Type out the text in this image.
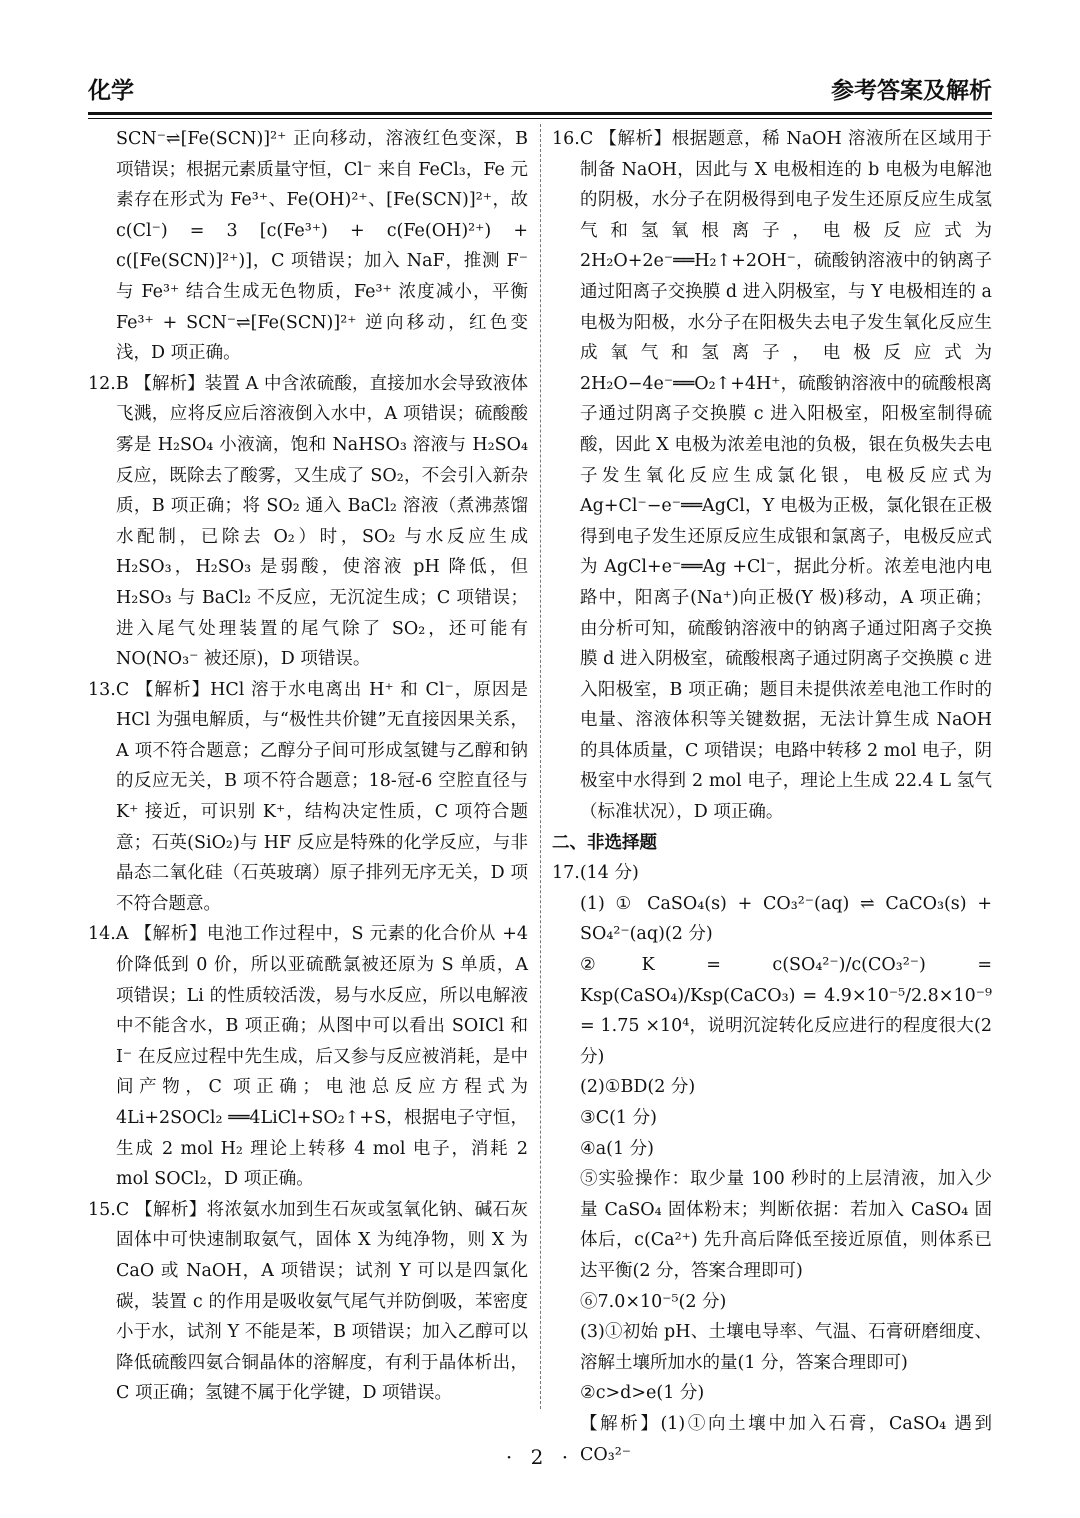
化学	参考答案及解析

SCN⁻⇌[Fe(SCN)]²⁺ 正向移动，溶液红色变深，B 项错误；根据元素质量守恒，Cl⁻ 来自 FeCl₃，Fe 元素存在形式为 Fe³⁺、Fe(OH)²⁺、[Fe(SCN)]²⁺，故 c(Cl⁻) = 3 [c(Fe³⁺) + c(Fe(OH)²⁺) + c([Fe(SCN)]²⁺)]，C 项错误；加入 NaF，推测 F⁻ 与 Fe³⁺ 结合生成无色物质，Fe³⁺ 浓度减小，平衡 Fe³⁺ + SCN⁻⇌[Fe(SCN)]²⁺ 逆向移动，红色变浅，D 项正确。

12.B 【解析】装置 A 中含浓硫酸，直接加水会导致液体飞溅，应将反应后溶液倒入水中，A 项错误；硫酸酸雾是 H₂SO₄ 小液滴，饱和 NaHSO₃ 溶液与 H₂SO₄ 反应，既除去了酸雾，又生成了 SO₂，不会引入新杂质，B 项正确；将 SO₂ 通入 BaCl₂ 溶液（煮沸蒸馏水配制，已除去 O₂）时，SO₂ 与水反应生成 H₂SO₃，H₂SO₃ 是弱酸，使溶液 pH 降低，但 H₂SO₃ 与 BaCl₂ 不反应，无沉淀生成；C 项错误；进入尾气处理装置的尾气除了 SO₂，还可能有 NO(NO₃⁻ 被还原)，D 项错误。

13.C 【解析】HCl 溶于水电离出 H⁺ 和 Cl⁻，原因是 HCl 为强电解质，与“极性共价键”无直接因果关系，A 项不符合题意；乙醇分子间可形成氢键与乙醇和钠的反应无关，B 项不符合题意；18-冠-6 空腔直径与 K⁺ 接近，可识别 K⁺，结构决定性质，C 项符合题意；石英(SiO₂)与 HF 反应是特殊的化学反应，与非晶态二氧化硅（石英玻璃）原子排列无序无关，D 项不符合题意。

14.A 【解析】电池工作过程中，S 元素的化合价从 +4 价降低到 0 价，所以亚硫酰氯被还原为 S 单质，A 项错误；Li 的性质较活泼，易与水反应，所以电解液中不能含水，B 项正确；从图中可以看出 SOICl 和 I⁻ 在反应过程中先生成，后又参与反应被消耗，是中间产物，C 项正确；电池总反应方程式为 4Li+2SOCl₂ ══4LiCl+SO₂↑+S，根据电子守恒，生成 2 mol H₂ 理论上转移 4 mol 电子，消耗 2 mol SOCl₂，D 项正确。

15.C 【解析】将浓氨水加到生石灰或氢氧化钠、碱石灰固体中可快速制取氨气，固体 X 为纯净物，则 X 为 CaO 或 NaOH，A 项错误；试剂 Y 可以是四氯化碳，装置 c 的作用是吸收氨气尾气并防倒吸，苯密度小于水，试剂 Y 不能是苯，B 项错误；加入乙醇可以降低硫酸四氨合铜晶体的溶解度，有利于晶体析出，C 项正确；氢键不属于化学键，D 项错误。

16.C 【解析】根据题意，稀 NaOH 溶液所在区域用于制备 NaOH，因此与 X 电极相连的 b 电极为电解池的阴极，水分子在阴极得到电子发生还原反应生成氢气和氢氧根离子，电极反应式为 2H₂O+2e⁻══H₂↑+2OH⁻，硫酸钠溶液中的钠离子通过阳离子交换膜 d 进入阴极室，与 Y 电极相连的 a 电极为阳极，水分子在阳极失去电子发生氧化反应生成氧气和氢离子，电极反应式为 2H₂O−4e⁻══O₂↑+4H⁺，硫酸钠溶液中的硫酸根离子通过阴离子交换膜 c 进入阳极室，阳极室制得硫酸，因此 X 电极为浓差电池的负极，银在负极失去电子发生氧化反应生成氯化银，电极反应式为 Ag+Cl⁻−e⁻══AgCl，Y 电极为正极，氯化银在正极得到电子发生还原反应生成银和氯离子，电极反应式为 AgCl+e⁻══Ag +Cl⁻，据此分析。浓差电池内电路中，阳离子(Na⁺)向正极(Y 极)移动，A 项正确；由分析可知，硫酸钠溶液中的钠离子通过阳离子交换膜 d 进入阴极室，硫酸根离子通过阴离子交换膜 c 进入阳极室，B 项正确；题目未提供浓差电池工作时的电量、溶液体积等关键数据，无法计算生成 NaOH 的具体质量，C 项错误；电路中转移 2 mol 电子，阴极室中水得到 2 mol 电子，理论上生成 22.4 L 氢气（标准状况），D 项正确。

二、非选择题

17.(14 分)

(1) ① CaSO₄(s) + CO₃²⁻(aq) ⇌ CaCO₃(s) + SO₄²⁻(aq)(2 分)

②K = c(SO₄²⁻)/c(CO₃²⁻) = Ksp(CaSO₄)/Ksp(CaCO₃) = 4.9×10⁻⁵/2.8×10⁻⁹ = 1.75 ×10⁴，说明沉淀转化反应进行的程度很大(2 分)

(2)①BD(2 分)

③C(1 分)

④a(1 分)

⑤实验操作：取少量 100 秒时的上层清液，加入少量 CaSO₄ 固体粉末；判断依据：若加入 CaSO₄ 固体后，c(Ca²⁺) 先升高后降低至接近原值，则体系已达平衡(2 分，答案合理即可)

⑥7.0×10⁻⁵(2 分)

(3)①初始 pH、土壤电导率、气温、石膏研磨细度、溶解土壤所加水的量(1 分，答案合理即可)

②c>d>e(1 分)

【解析】(1)①向土壤中加入石膏，CaSO₄ 遇到 CO₃²⁻

· 2 ·
